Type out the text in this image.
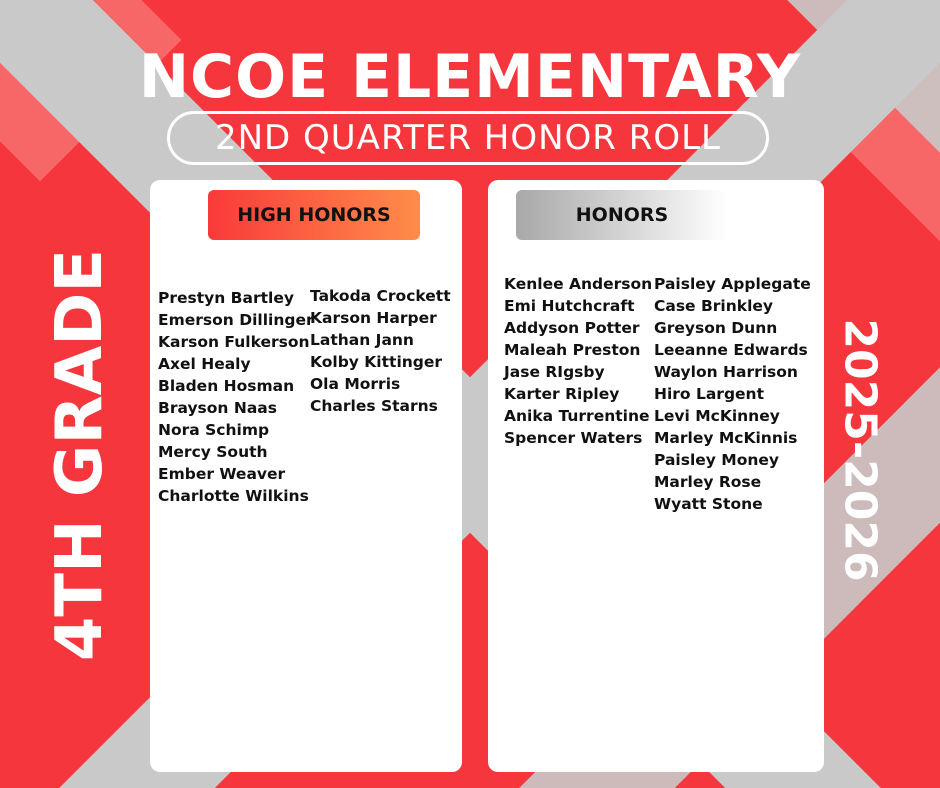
NCOE ELEMENTARY
2ND QUARTER HONOR ROLL
4TH GRADE	2025-2026
HIGH HONORS
Prestyn Bartley
Emerson Dillinger
Karson Fulkerson
Axel Healy
Bladen Hosman
Brayson Naas
Nora Schimp
Mercy South
Ember Weaver
Charlotte Wilkins
Takoda Crockett
Karson Harper
Lathan Jann
Kolby Kittinger
Ola Morris
Charles Starns
HONORS
Kenlee Anderson
Emi Hutchcraft
Addyson Potter
Maleah Preston
Jase RIgsby
Karter Ripley
Anika Turrentine
Spencer Waters
Paisley Applegate
Case Brinkley
Greyson Dunn
Leeanne Edwards
Waylon Harrison
Hiro Largent
Levi McKinney
Marley McKinnis
Paisley Money
Marley Rose
Wyatt Stone
